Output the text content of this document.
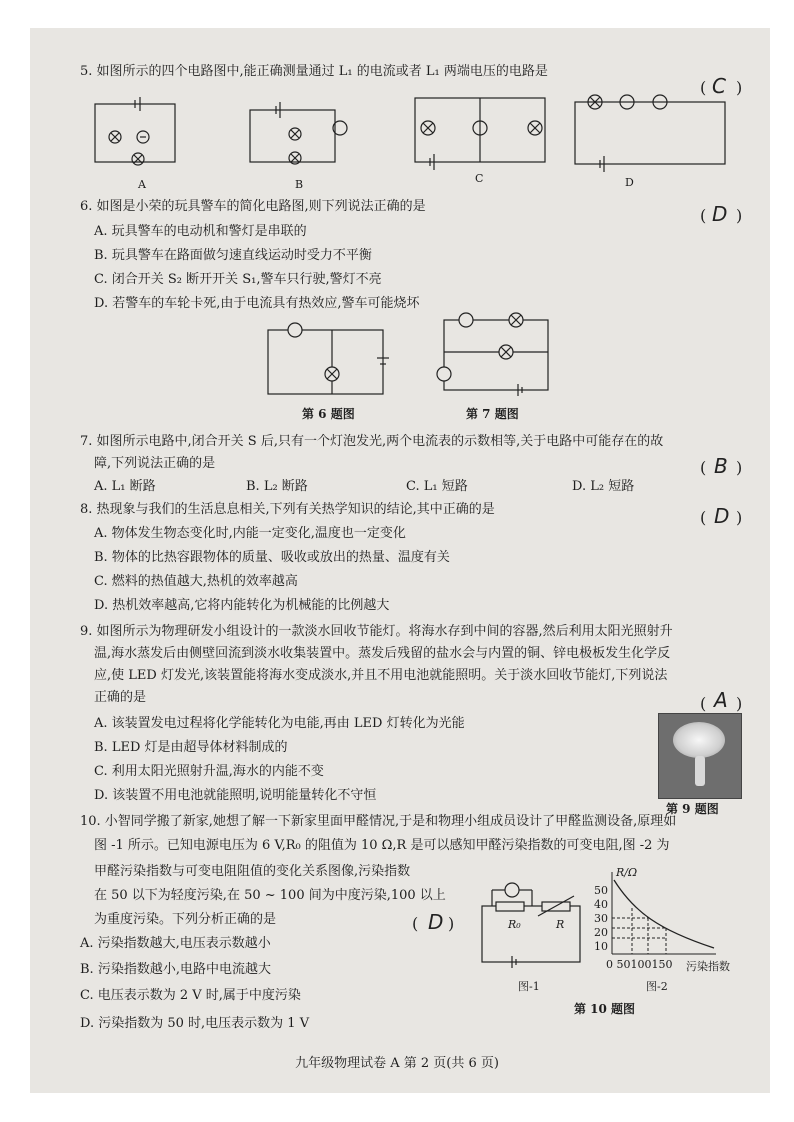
5. 如图所示的四个电路图中,能正确测量通过 L₁ 的电流或者 L₁ 两端电压的电路是
( C )
A	B	C	D
6. 如图是小荣的玩具警车的简化电路图,则下列说法正确的是	( D )
A. 玩具警车的电动机和警灯是串联的
B. 玩具警车在路面做匀速直线运动时受力不平衡
C. 闭合开关 S₂ 断开开关 S₁,警车只行驶,警灯不亮
D. 若警车的车轮卡死,由于电流具有热效应,警车可能烧坏
第 6 题图	第 7 题图
7. 如图所示电路中,闭合开关 S 后,只有一个灯泡发光,两个电流表的示数相等,关于电路中可能存在的故
障,下列说法正确的是	( B )
A. L₁ 断路	B. L₂ 断路	C. L₁ 短路	D. L₂ 短路
8. 热现象与我们的生活息息相关,下列有关热学知识的结论,其中正确的是	( D )
A. 物体发生物态变化时,内能一定变化,温度也一定变化
B. 物体的比热容跟物体的质量、吸收或放出的热量、温度有关
C. 燃料的热值越大,热机的效率越高
D. 热机效率越高,它将内能转化为机械能的比例越大
9. 如图所示为物理研发小组设计的一款淡水回收节能灯。将海水存到中间的容器,然后利用太阳光照射升
温,海水蒸发后由侧壁回流到淡水收集装置中。蒸发后残留的盐水会与内置的铜、锌电极板发生化学反
应,使 LED 灯发光,该装置能将海水变成淡水,并且不用电池就能照明。关于淡水回收节能灯,下列说法
正确的是	( A )
A. 该装置发电过程将化学能转化为电能,再由 LED 灯转化为光能
B. LED 灯是由超导体材料制成的
C. 利用太阳光照射升温,海水的内能不变
D. 该装置不用电池就能照明,说明能量转化不守恒
第 9 题图
10. 小智同学搬了新家,她想了解一下新家里面甲醛情况,于是和物理小组成员设计了甲醛监测设备,原理如
图 -1 所示。已知电源电压为 6 V,R₀ 的阻值为 10 Ω,R 是可以感知甲醛污染指数的可变电阻,图 -2 为
甲醛污染指数与可变电阻阻值的变化关系图像,污染指数
在 50 以下为轻度污染,在 50 ~ 100 间为中度污染,100 以上
为重度污染。下列分析正确的是	( D )
A. 污染指数越大,电压表示数越小
B. 污染指数越小,电路中电流越大
C. 电压表示数为 2 V 时,属于中度污染
D. 污染指数为 50 时,电压表示数为 1 V
R₀	R
图-1
R/Ω
50
40
30
20
10
0 50100150 污染指数
图-2
第 10 题图
九年级物理试卷 A 第 2 页(共 6 页)
